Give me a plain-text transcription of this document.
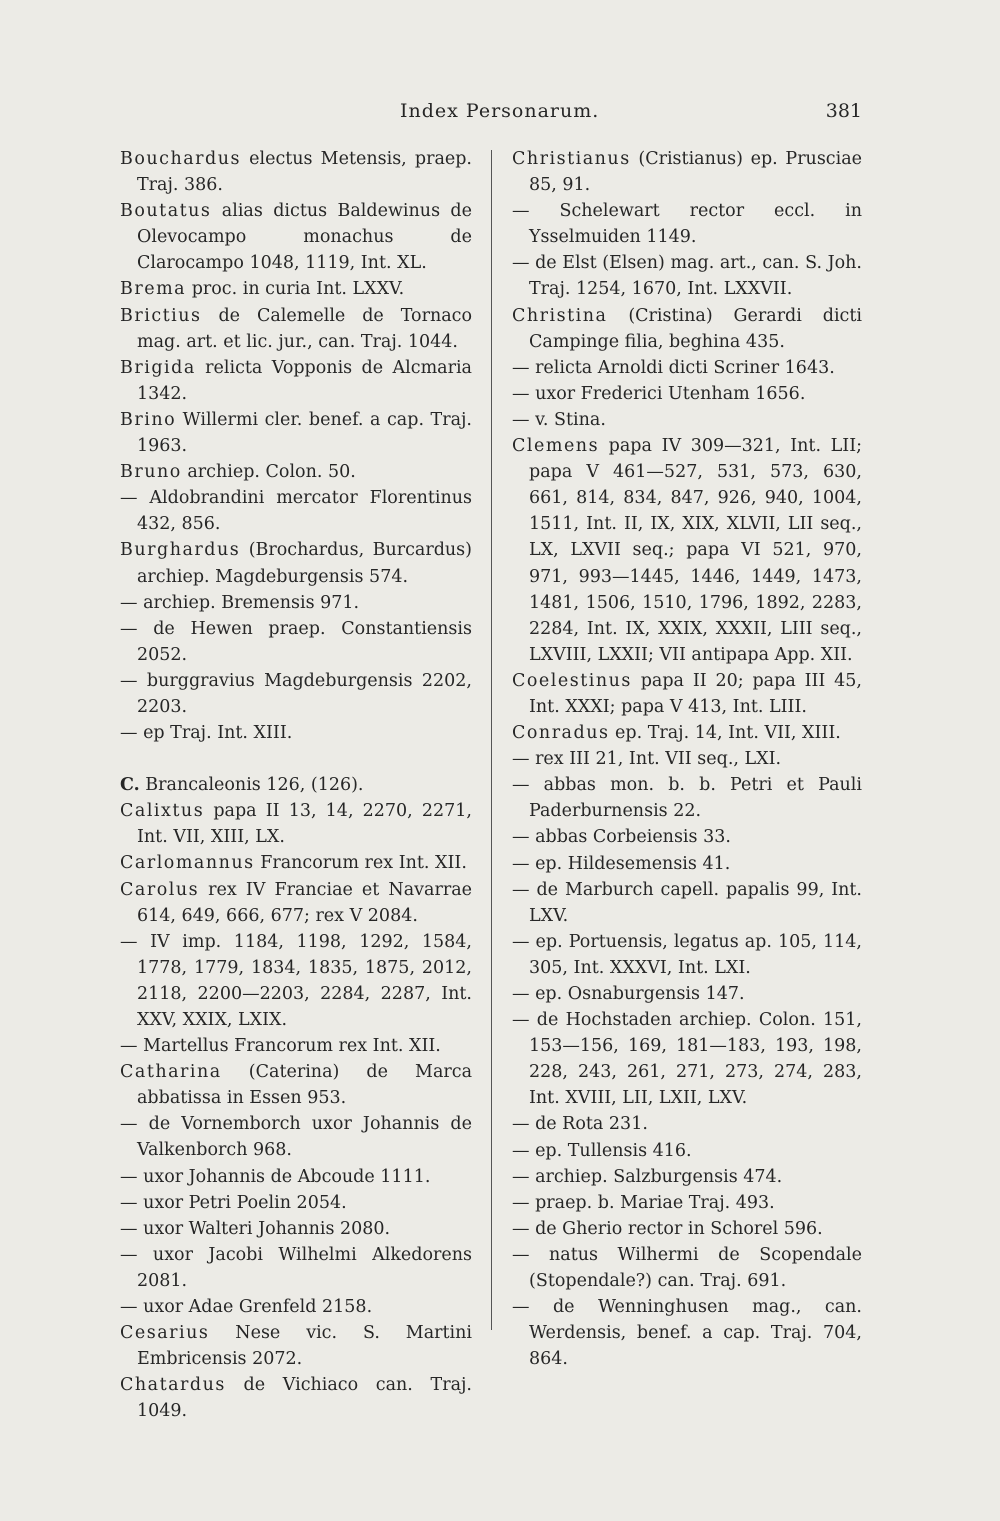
Index Personarum.	381

Bouchardus electus Metensis, praep. Traj. 386.

Boutatus alias dictus Baldewinus de Olevocampo monachus de Clarocampo 1048, 1119, Int. XL.

Brema proc. in curia Int. LXXV.

Brictius de Calemelle de Tornaco mag. art. et lic. jur., can. Traj. 1044.

Brigida relicta Vopponis de Alcmaria 1342.

Brino Willermi cler. benef. a cap. Traj. 1963.

Bruno archiep. Colon. 50.

— Aldobrandini mercator Florentinus 432, 856.

Burghardus (Brochardus, Burcardus) archiep. Magdeburgensis 574.

— archiep. Bremensis 971.

— de Hewen praep. Constantiensis 2052.

— burggravius Magdeburgensis 2202, 2203.

— ep Traj. Int. XIII.

C. Brancaleonis 126, (126).

Calixtus papa II 13, 14, 2270, 2271, Int. VII, XIII, LX.

Carlomannus Francorum rex Int. XII.

Carolus rex IV Franciae et Navarrae 614, 649, 666, 677; rex V 2084.

— IV imp. 1184, 1198, 1292, 1584, 1778, 1779, 1834, 1835, 1875, 2012, 2118, 2200—2203, 2284, 2287, Int. XXV, XXIX, LXIX.

— Martellus Francorum rex Int. XII.

Catharina (Caterina) de Marca abbatissa in Essen 953.

— de Vornemborch uxor Johannis de Valkenborch 968.

— uxor Johannis de Abcoude 1111.

— uxor Petri Poelin 2054.

— uxor Walteri Johannis 2080.

— uxor Jacobi Wilhelmi Alkedorens 2081.

— uxor Adae Grenfeld 2158.

Cesarius Nese vic. S. Martini Embricensis 2072.

Chatardus de Vichiaco can. Traj. 1049.

Christianus (Cristianus) ep. Prusciae 85, 91.

— Schelewart rector eccl. in Ysselmuiden 1149.

— de Elst (Elsen) mag. art., can. S. Joh. Traj. 1254, 1670, Int. LXXVII.

Christina (Cristina) Gerardi dicti Campinge filia, beghina 435.

— relicta Arnoldi dicti Scriner 1643.

— uxor Frederici Utenham 1656.

— v. Stina.

Clemens papa IV 309—321, Int. LII; papa V 461—527, 531, 573, 630, 661, 814, 834, 847, 926, 940, 1004, 1511, Int. II, IX, XIX, XLVII, LII seq., LX, LXVII seq.; papa VI 521, 970, 971, 993—1445, 1446, 1449, 1473, 1481, 1506, 1510, 1796, 1892, 2283, 2284, Int. IX, XXIX, XXXII, LIII seq., LXVIII, LXXII; VII antipapa App. XII.

Coelestinus papa II 20; papa III 45, Int. XXXI; papa V 413, Int. LIII.

Conradus ep. Traj. 14, Int. VII, XIII.

— rex III 21, Int. VII seq., LXI.

— abbas mon. b. b. Petri et Pauli Paderburnensis 22.

— abbas Corbeiensis 33.

— ep. Hildesemensis 41.

— de Marburch capell. papalis 99, Int. LXV.

— ep. Portuensis, legatus ap. 105, 114, 305, Int. XXXVI, Int. LXI.

— ep. Osnaburgensis 147.

— de Hochstaden archiep. Colon. 151, 153—156, 169, 181—183, 193, 198, 228, 243, 261, 271, 273, 274, 283, Int. XVIII, LII, LXII, LXV.

— de Rota 231.

— ep. Tullensis 416.

— archiep. Salzburgensis 474.

— praep. b. Mariae Traj. 493.

— de Gherio rector in Schorel 596.

— natus Wilhermi de Scopendale (Stopendale?) can. Traj. 691.

— de Wenninghusen mag., can. Werdensis, benef. a cap. Traj. 704, 864.
